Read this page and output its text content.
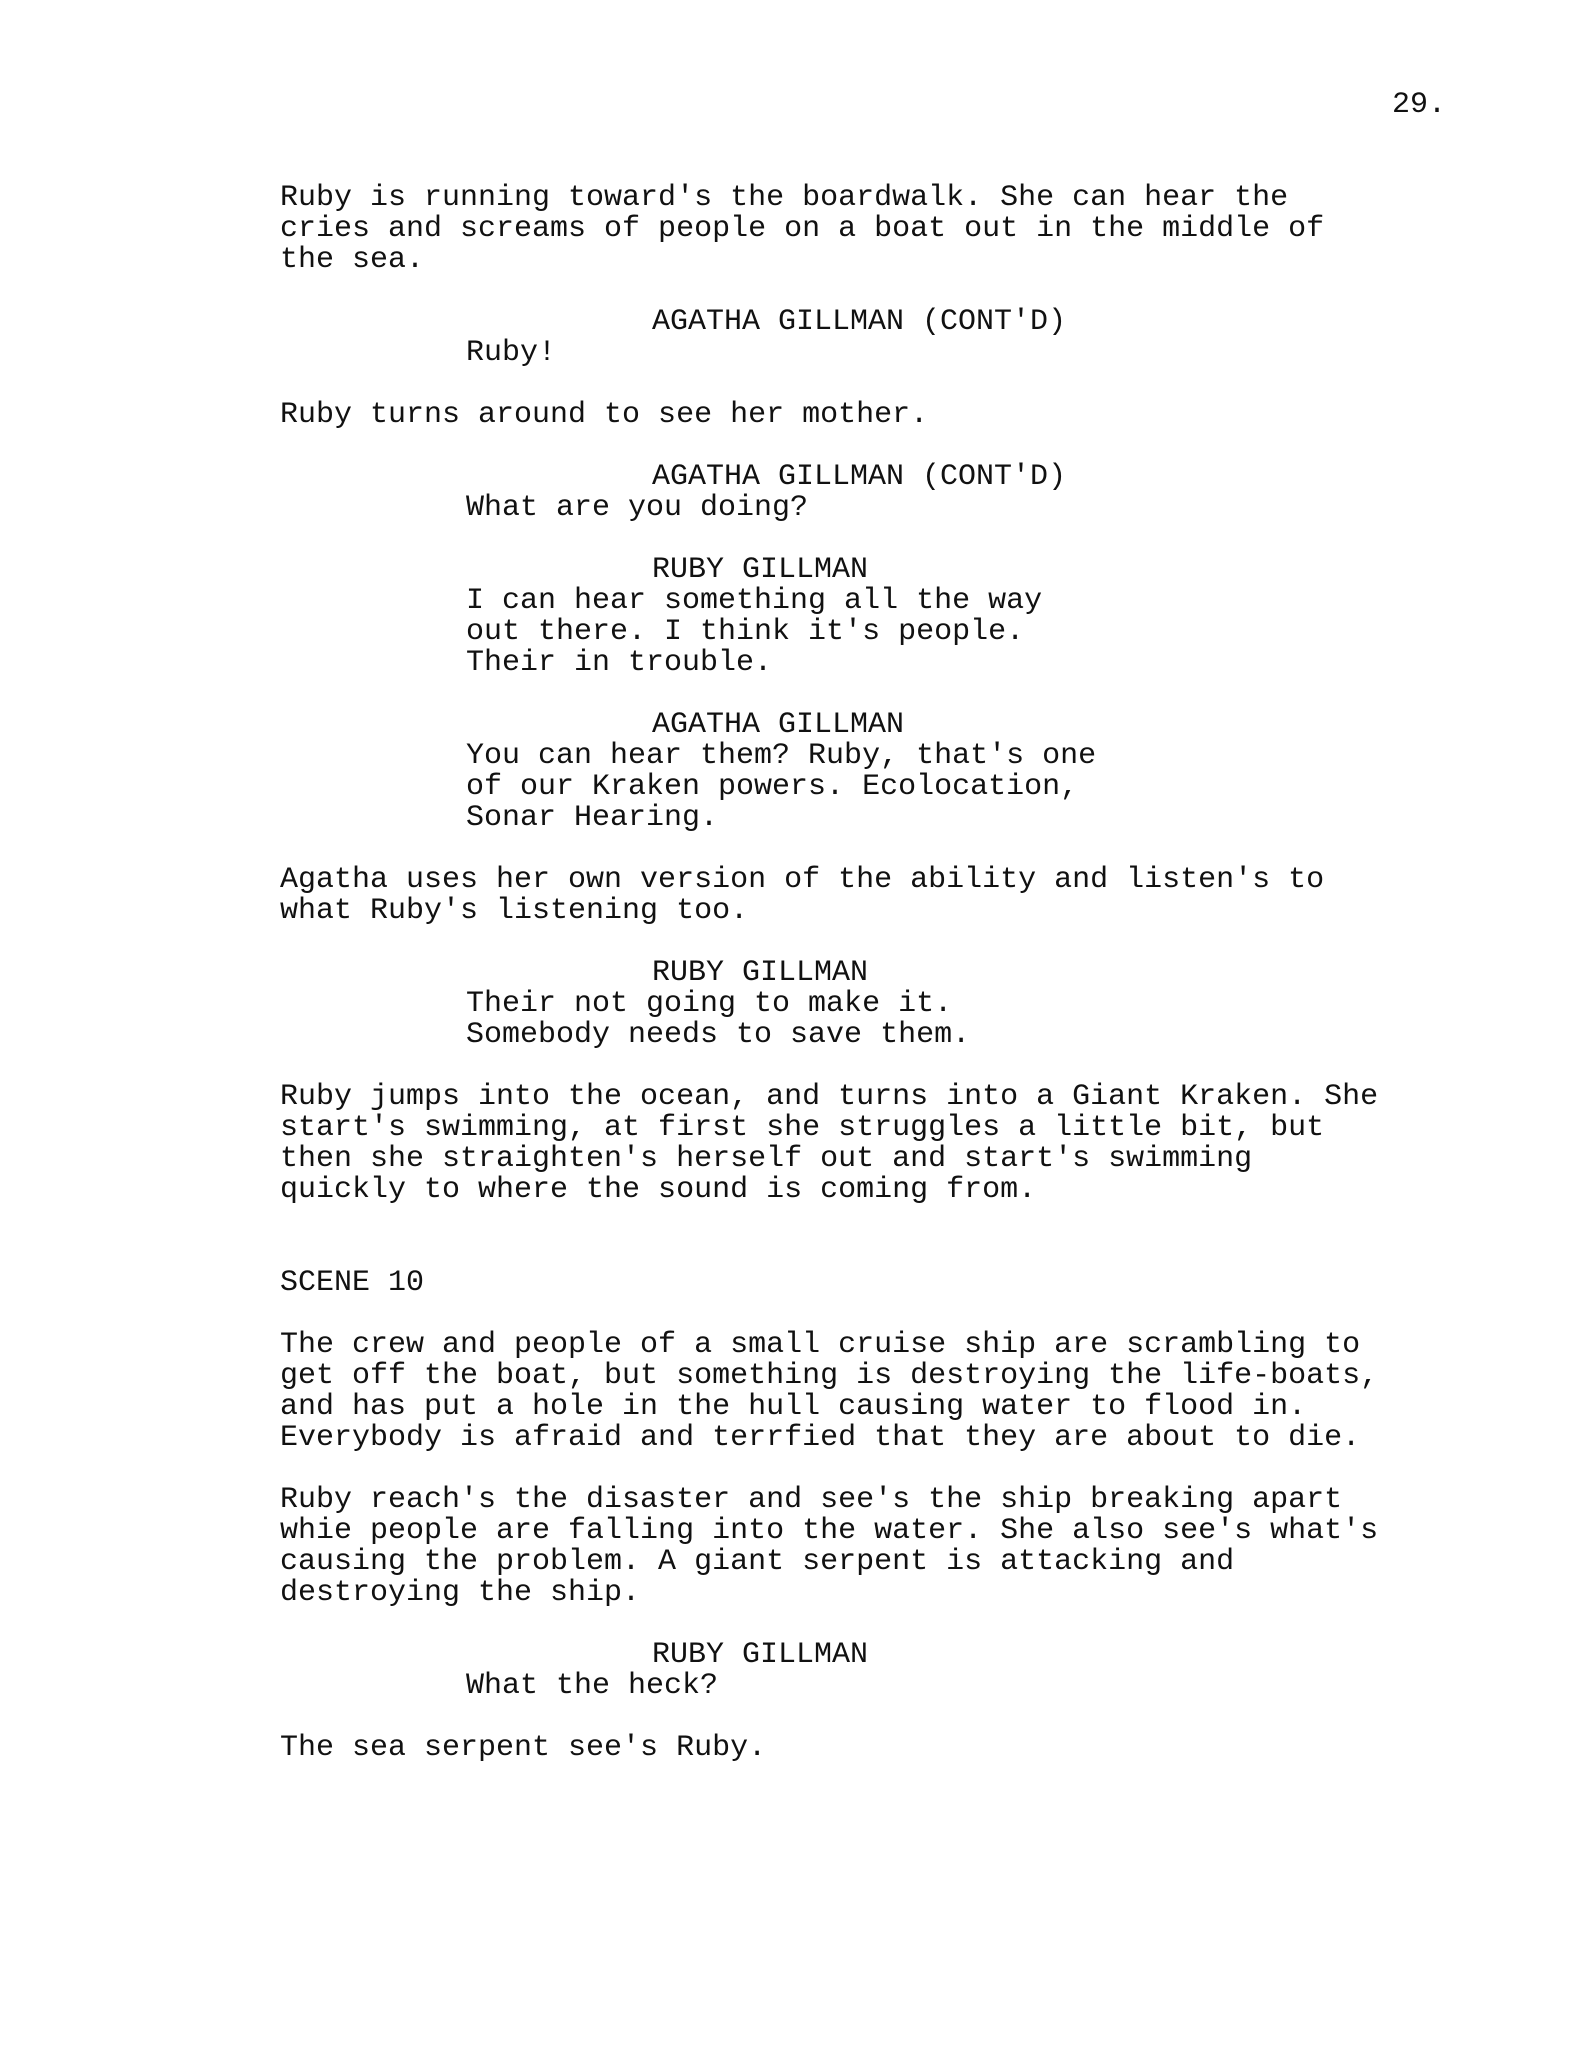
29.
Ruby is running toward's the boardwalk. She can hear the
cries and screams of people on a boat out in the middle of
the sea.
AGATHA GILLMAN (CONT'D)
Ruby!
Ruby turns around to see her mother.
AGATHA GILLMAN (CONT'D)
What are you doing?
RUBY GILLMAN
I can hear something all the way
out there. I think it's people.
Their in trouble.
AGATHA GILLMAN
You can hear them? Ruby, that's one
of our Kraken powers. Ecolocation,
Sonar Hearing.
Agatha uses her own version of the ability and listen's to
what Ruby's listening too.
RUBY GILLMAN
Their not going to make it.
Somebody needs to save them.
Ruby jumps into the ocean, and turns into a Giant Kraken. She
start's swimming, at first she struggles a little bit, but
then she straighten's herself out and start's swimming
quickly to where the sound is coming from.
SCENE 10
The crew and people of a small cruise ship are scrambling to
get off the boat, but something is destroying the life-boats,
and has put a hole in the hull causing water to flood in.
Everybody is afraid and terrfied that they are about to die.
Ruby reach's the disaster and see's the ship breaking apart
whie people are falling into the water. She also see's what's
causing the problem. A giant serpent is attacking and
destroying the ship.
RUBY GILLMAN
What the heck?
The sea serpent see's Ruby.
